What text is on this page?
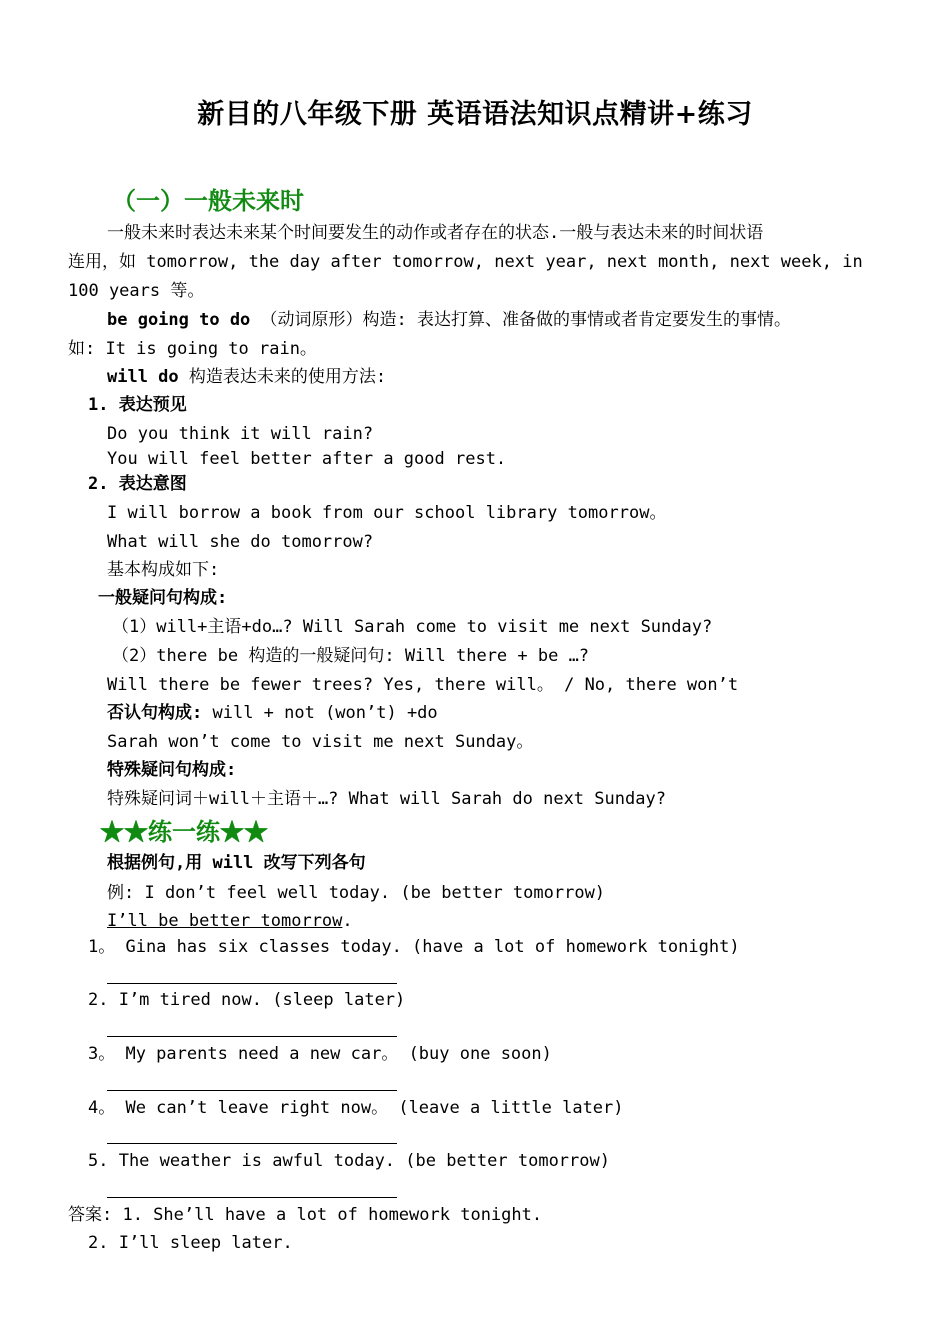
新目的八年级下册 英语语法知识点精讲+练习
（一）一般未来时
一般未来时表达未来某个时间要发生的动作或者存在的状态.一般与表达未来的时间状语
连用，如 tomorrow, the day after tomorrow, next year, next month, next week, in
100 years 等。
be going to do （动词原形）构造: 表达打算、准备做的事情或者肯定要发生的事情。
如: It is going to rain。
will do 构造表达未来的使用方法:
1. 表达预见
Do you think it will rain?
You will feel better after a good rest.
2. 表达意图
I will borrow a book from our school library tomorrow。
What will she do tomorrow?
基本构成如下:
一般疑问句构成:
（1）will+主语+do…? Will Sarah come to visit me next Sunday?
（2）there be 构造的一般疑问句: Will there + be …?
Will there be fewer trees? Yes, there will。 / No, there won’t
否认句构成: will + not (won’t) +do
Sarah won’t come to visit me next Sunday。
特殊疑问句构成:
特殊疑问词＋will＋主语＋…? What will Sarah do next Sunday?
★★练一练★★
根据例句,用 will 改写下列各句
例: I don’t feel well today. (be better tomorrow)
I’ll be better tomorrow.
1。 Gina has six classes today. (have a lot of homework tonight)
2. I’m tired now. (sleep later)
3。 My parents need a new car。 (buy one soon)
4。 We can’t leave right now。 (leave a little later)
5. The weather is awful today. (be better tomorrow)
答案: 1. She’ll have a lot of homework tonight.
2. I’ll sleep later.
